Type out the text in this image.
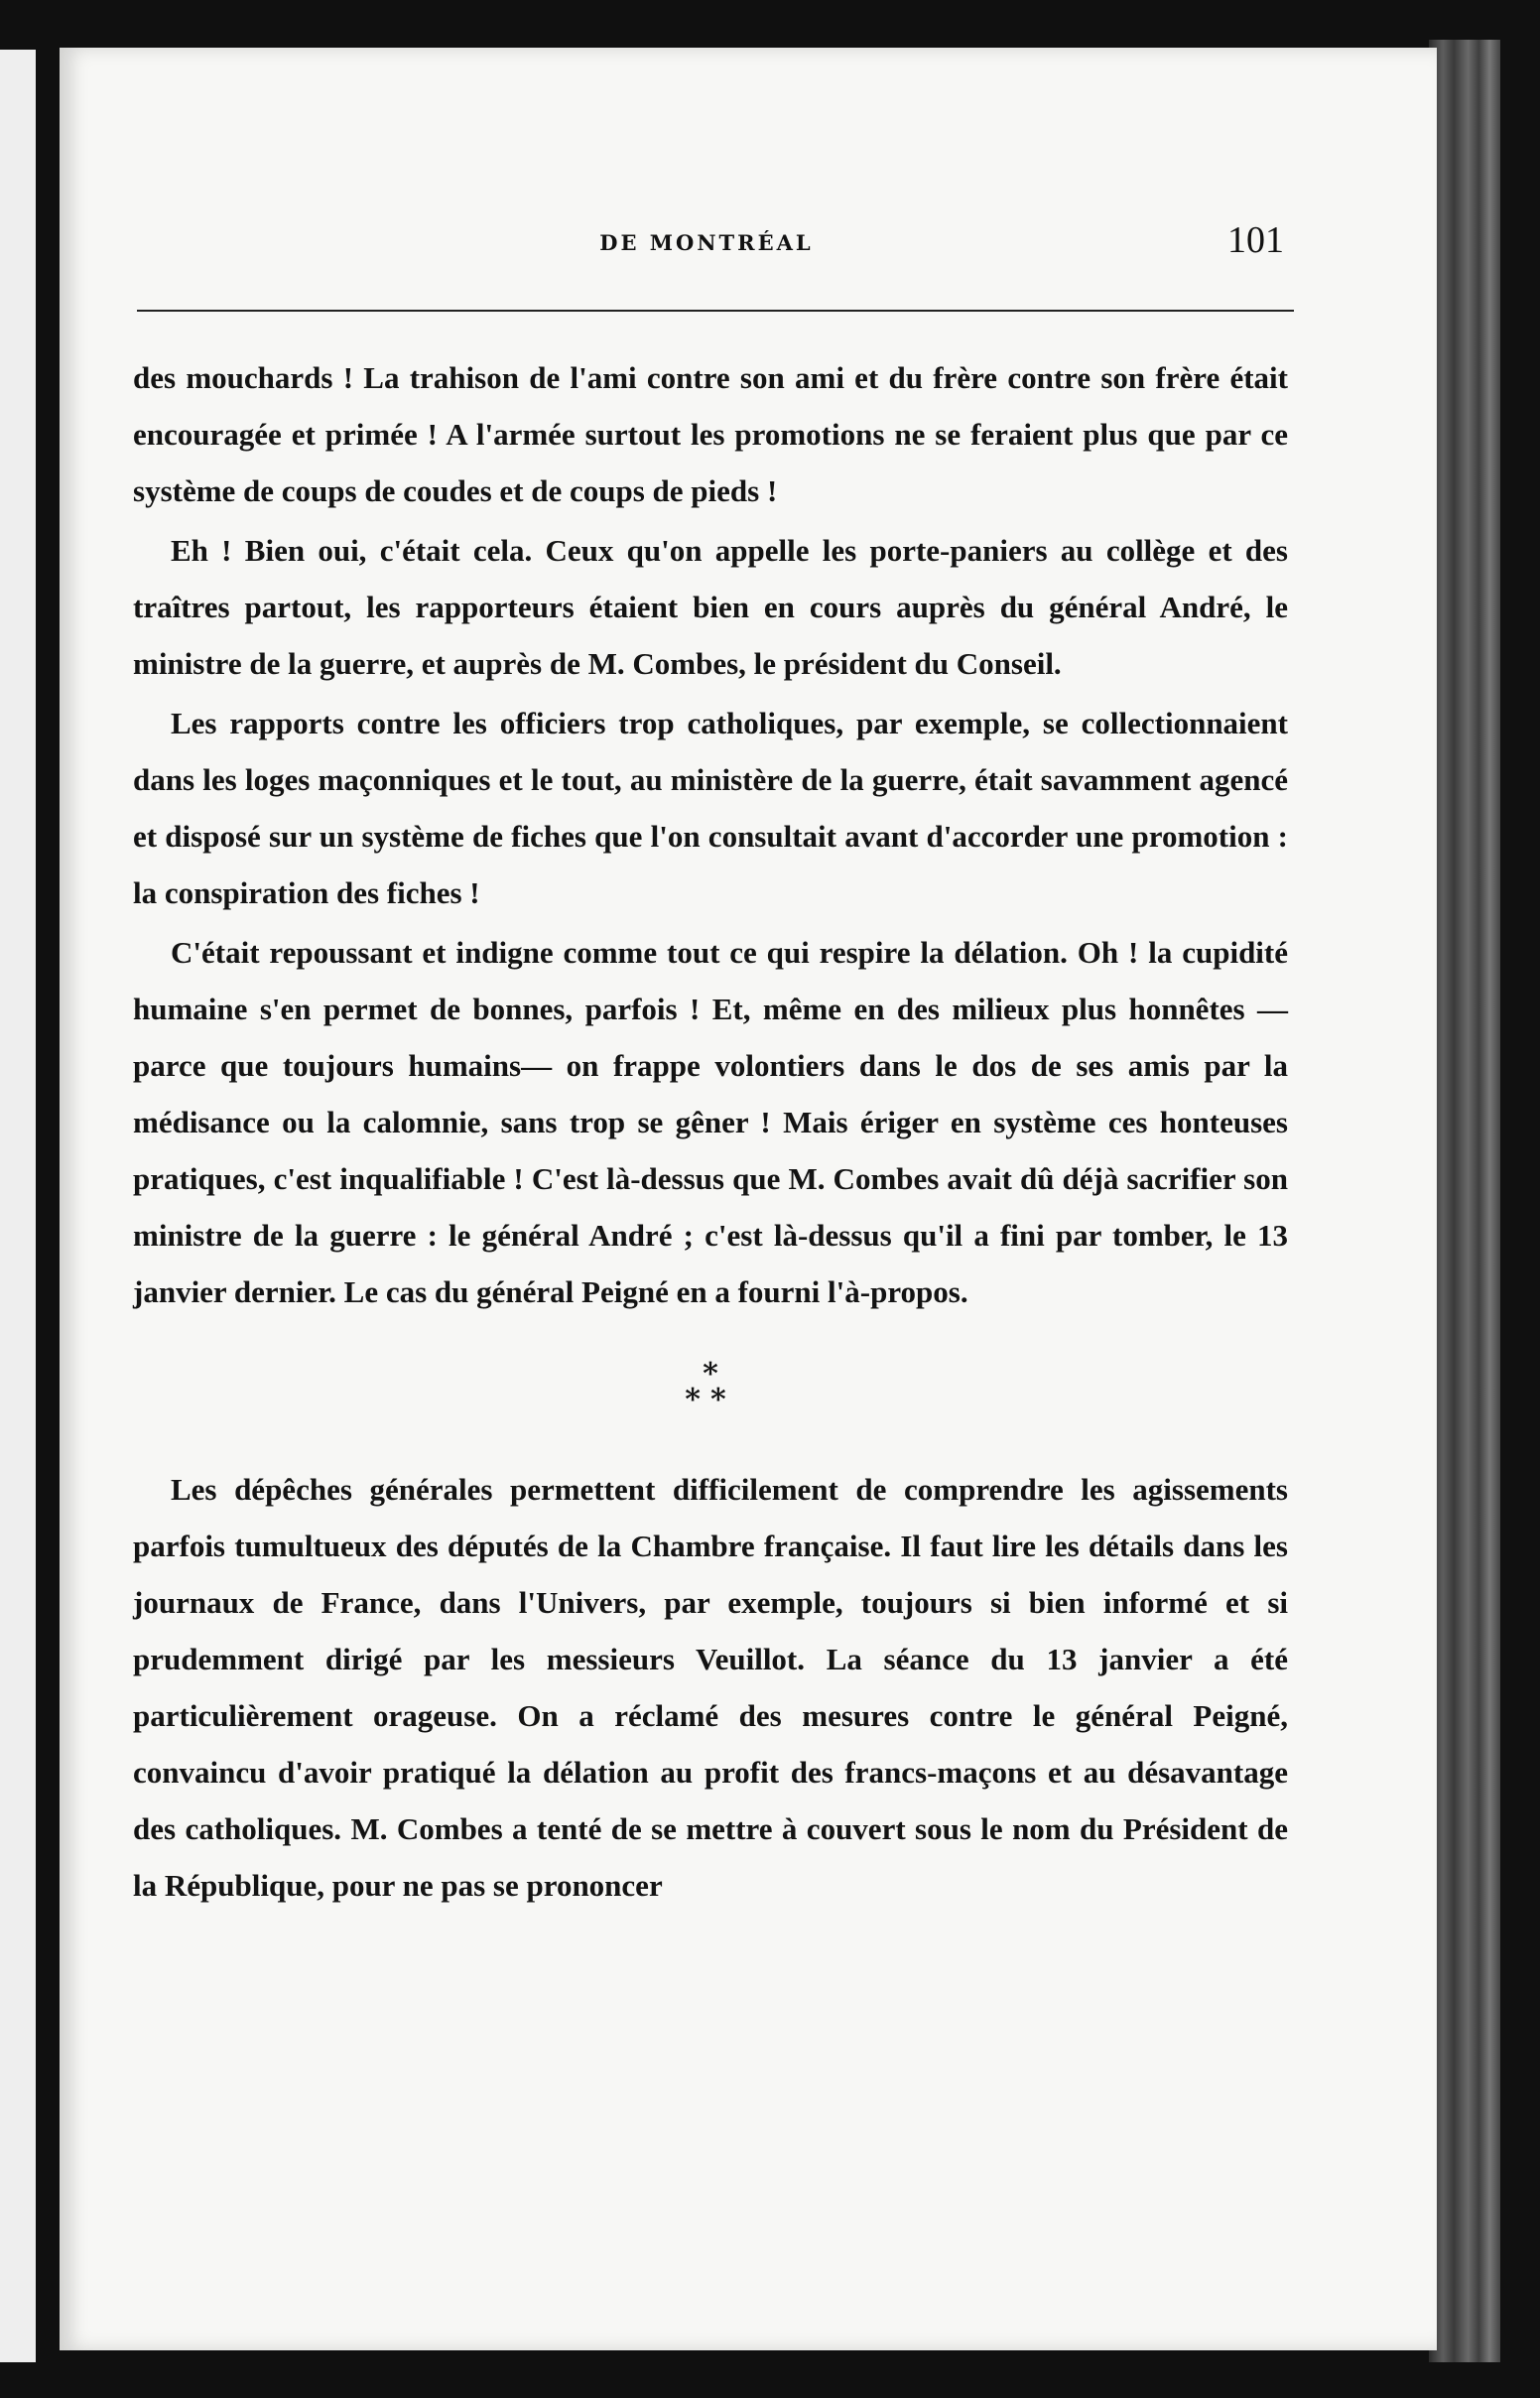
DE MONTRÉAL	101

des mouchards ! La trahison de l'ami contre son ami et du frère contre son frère était encouragée et primée ! A l'armée surtout les promotions ne se feraient plus que par ce système de coups de coudes et de coups de pieds !

Eh ! Bien oui, c'était cela. Ceux qu'on appelle les porte-paniers au collège et des traîtres partout, les rapporteurs étaient bien en cours auprès du général André, le ministre de la guerre, et auprès de M. Combes, le président du Conseil.

Les rapports contre les officiers trop catholiques, par exemple, se collectionnaient dans les loges maçonniques et le tout, au ministère de la guerre, était savamment agencé et disposé sur un système de fiches que l'on consultait avant d'accorder une promotion : la conspiration des fiches !

C'était repoussant et indigne comme tout ce qui respire la délation. Oh ! la cupidité humaine s'en permet de bonnes, parfois ! Et, même en des milieux plus honnêtes —parce que toujours humains— on frappe volontiers dans le dos de ses amis par la médisance ou la calomnie, sans trop se gêner ! Mais ériger en système ces honteuses pratiques, c'est inqualifiable ! C'est là-dessus que M. Combes avait dû déjà sacrifier son ministre de la guerre : le général André ; c'est là-dessus qu'il a fini par tomber, le 13 janvier dernier. Le cas du général Peigné en a fourni l'à-propos.

*
**

Les dépêches générales permettent difficilement de comprendre les agissements parfois tumultueux des députés de la Chambre française. Il faut lire les détails dans les journaux de France, dans l'Univers, par exemple, toujours si bien informé et si prudemment dirigé par les messieurs Veuillot. La séance du 13 janvier a été particulièrement orageuse. On a réclamé des mesures contre le général Peigné, convaincu d'avoir pratiqué la délation au profit des francs-maçons et au désavantage des catholiques. M. Combes a tenté de se mettre à couvert sous le nom du Président de la République, pour ne pas se prononcer
